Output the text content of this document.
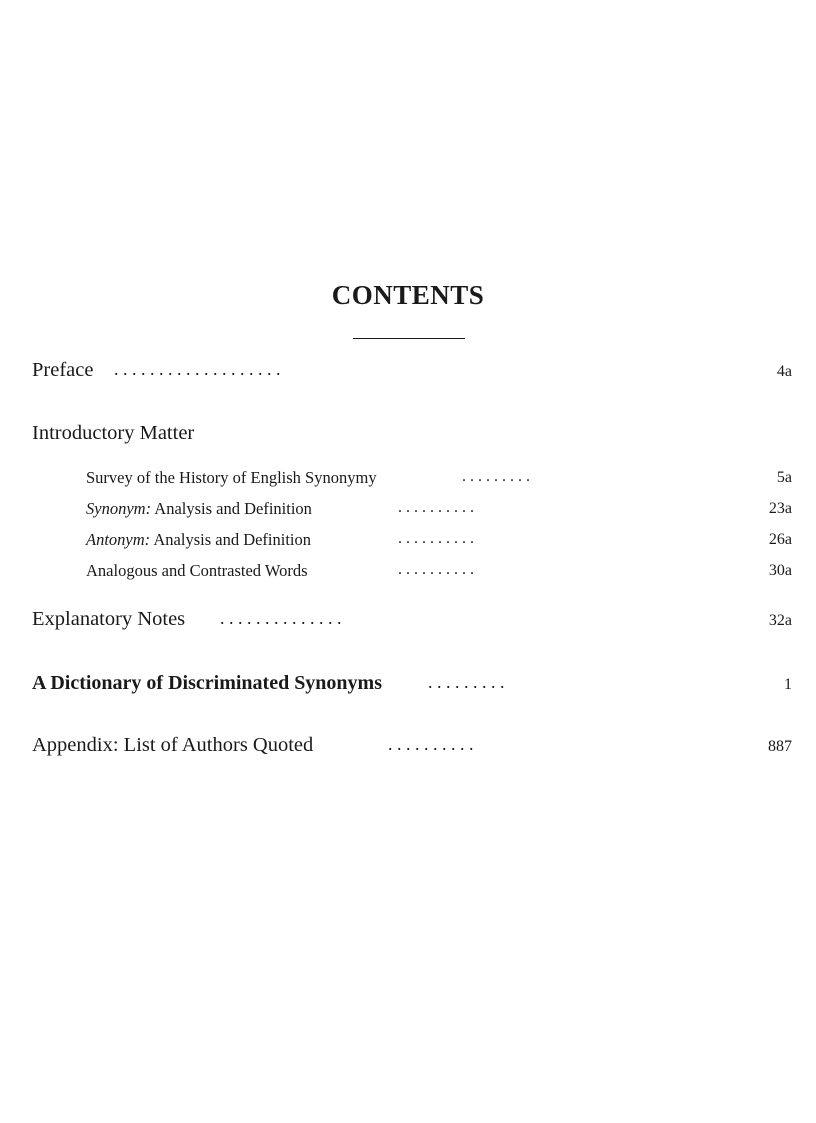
CONTENTS
Preface . . . . . . . . . . . . . . . . . . .	4a
Introductory Matter
Survey of the History of English Synonymy	. . . . . . . . .	5a
Synonym: Analysis and Definition	. . . . . . . . . .	23a
Antonym: Analysis and Definition	. . . . . . . . . .	26a
Analogous and Contrasted Words	. . . . . . . . . .	30a
Explanatory Notes . . . . . . . . . . . . . .	32a
A Dictionary of Discriminated Synonyms	. . . . . . . . .	1
Appendix: List of Authors Quoted	. . . . . . . . . .	887
